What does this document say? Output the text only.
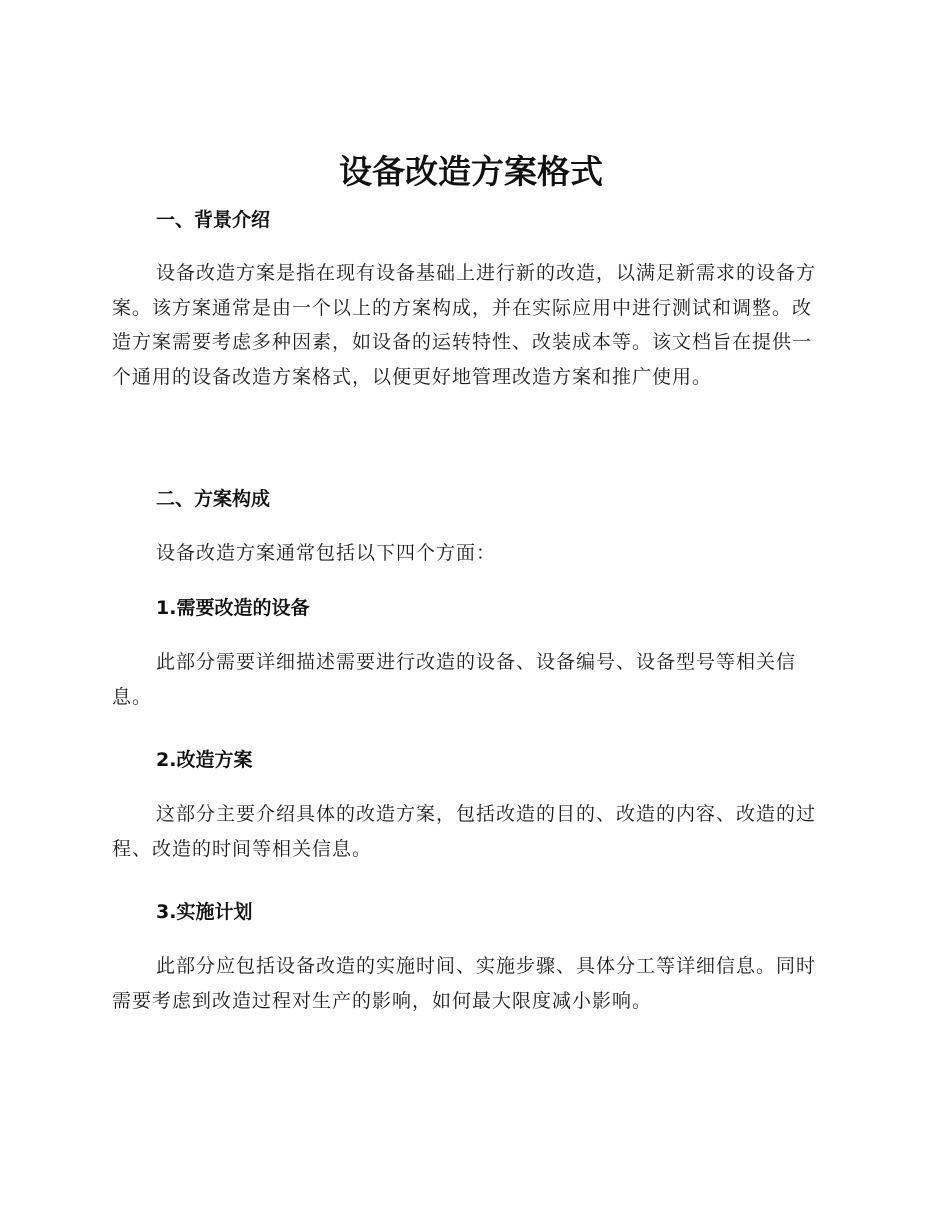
设备改造方案格式
一、背景介绍

设备改造方案是指在现有设备基础上进行新的改造，以满足新需求的设备方案。该方案通常是由一个以上的方案构成，并在实际应用中进行测试和调整。改造方案需要考虑多种因素，如设备的运转特性、改装成本等。该文档旨在提供一个通用的设备改造方案格式，以便更好地管理改造方案和推广使用。

二、方案构成

设备改造方案通常包括以下四个方面：

1.需要改造的设备

此部分需要详细描述需要进行改造的设备、设备编号、设备型号等相关信息。

2.改造方案

这部分主要介绍具体的改造方案，包括改造的目的、改造的内容、改造的过程、改造的时间等相关信息。

3.实施计划

此部分应包括设备改造的实施时间、实施步骤、具体分工等详细信息。同时需要考虑到改造过程对生产的影响，如何最大限度减小影响。
